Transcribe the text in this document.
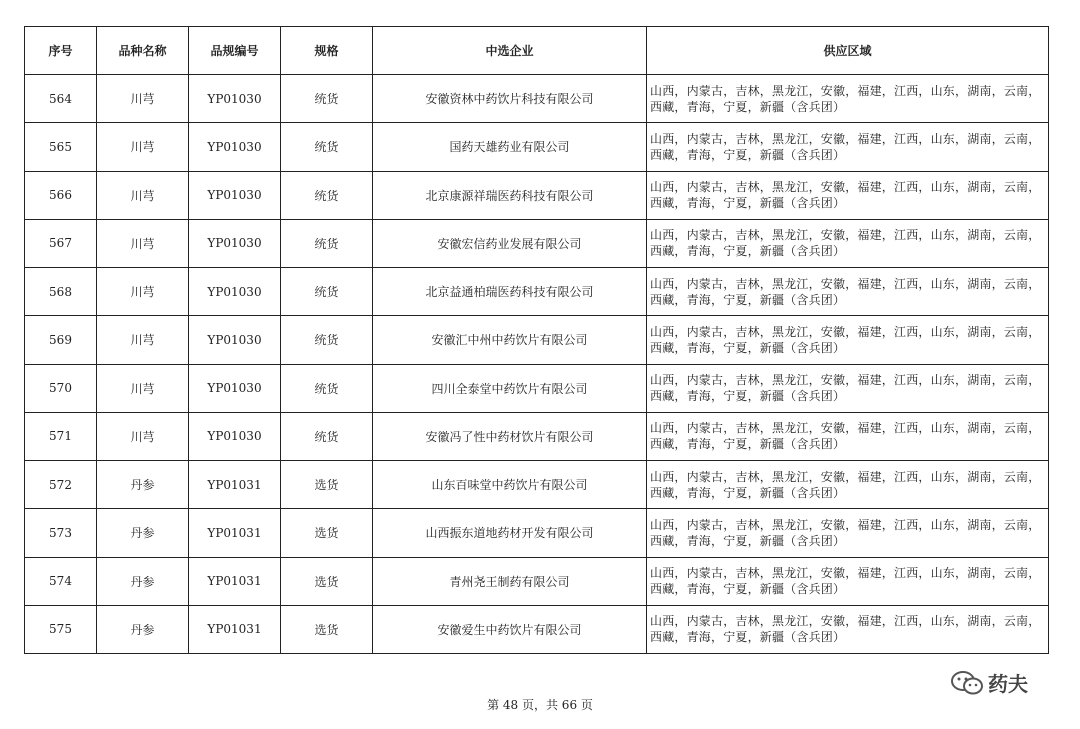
序号	品种名称	品规编号	规格	中选企业	供应区域
564	川芎	YP01030	统货	安徽资林中药饮片科技有限公司	山西，内蒙古，吉林，黑龙江，安徽，福建，江西，山东，湖南，云南，西藏，青海，宁夏，新疆（含兵团）
565	川芎	YP01030	统货	国药天雄药业有限公司	山西，内蒙古，吉林，黑龙江，安徽，福建，江西，山东，湖南，云南，西藏，青海，宁夏，新疆（含兵团）
566	川芎	YP01030	统货	北京康源祥瑞医药科技有限公司	山西，内蒙古，吉林，黑龙江，安徽，福建，江西，山东，湖南，云南，西藏，青海，宁夏，新疆（含兵团）
567	川芎	YP01030	统货	安徽宏信药业发展有限公司	山西，内蒙古，吉林，黑龙江，安徽，福建，江西，山东，湖南，云南，西藏，青海，宁夏，新疆（含兵团）
568	川芎	YP01030	统货	北京益通柏瑞医药科技有限公司	山西，内蒙古，吉林，黑龙江，安徽，福建，江西，山东，湖南，云南，西藏，青海，宁夏，新疆（含兵团）
569	川芎	YP01030	统货	安徽汇中州中药饮片有限公司	山西，内蒙古，吉林，黑龙江，安徽，福建，江西，山东，湖南，云南，西藏，青海，宁夏，新疆（含兵团）
570	川芎	YP01030	统货	四川全泰堂中药饮片有限公司	山西，内蒙古，吉林，黑龙江，安徽，福建，江西，山东，湖南，云南，西藏，青海，宁夏，新疆（含兵团）
571	川芎	YP01030	统货	安徽冯了性中药材饮片有限公司	山西，内蒙古，吉林，黑龙江，安徽，福建，江西，山东，湖南，云南，西藏，青海，宁夏，新疆（含兵团）
572	丹参	YP01031	选货	山东百味堂中药饮片有限公司	山西，内蒙古，吉林，黑龙江，安徽，福建，江西，山东，湖南，云南，西藏，青海，宁夏，新疆（含兵团）
573	丹参	YP01031	选货	山西振东道地药材开发有限公司	山西，内蒙古，吉林，黑龙江，安徽，福建，江西，山东，湖南，云南，西藏，青海，宁夏，新疆（含兵团）
574	丹参	YP01031	选货	青州尧王制药有限公司	山西，内蒙古，吉林，黑龙江，安徽，福建，江西，山东，湖南，云南，西藏，青海，宁夏，新疆（含兵团）
575	丹参	YP01031	选货	安徽爱生中药饮片有限公司	山西，内蒙古，吉林，黑龙江，安徽，福建，江西，山东，湖南，云南，西藏，青海，宁夏，新疆（含兵团）
第 48 页，共 66 页
药夫
